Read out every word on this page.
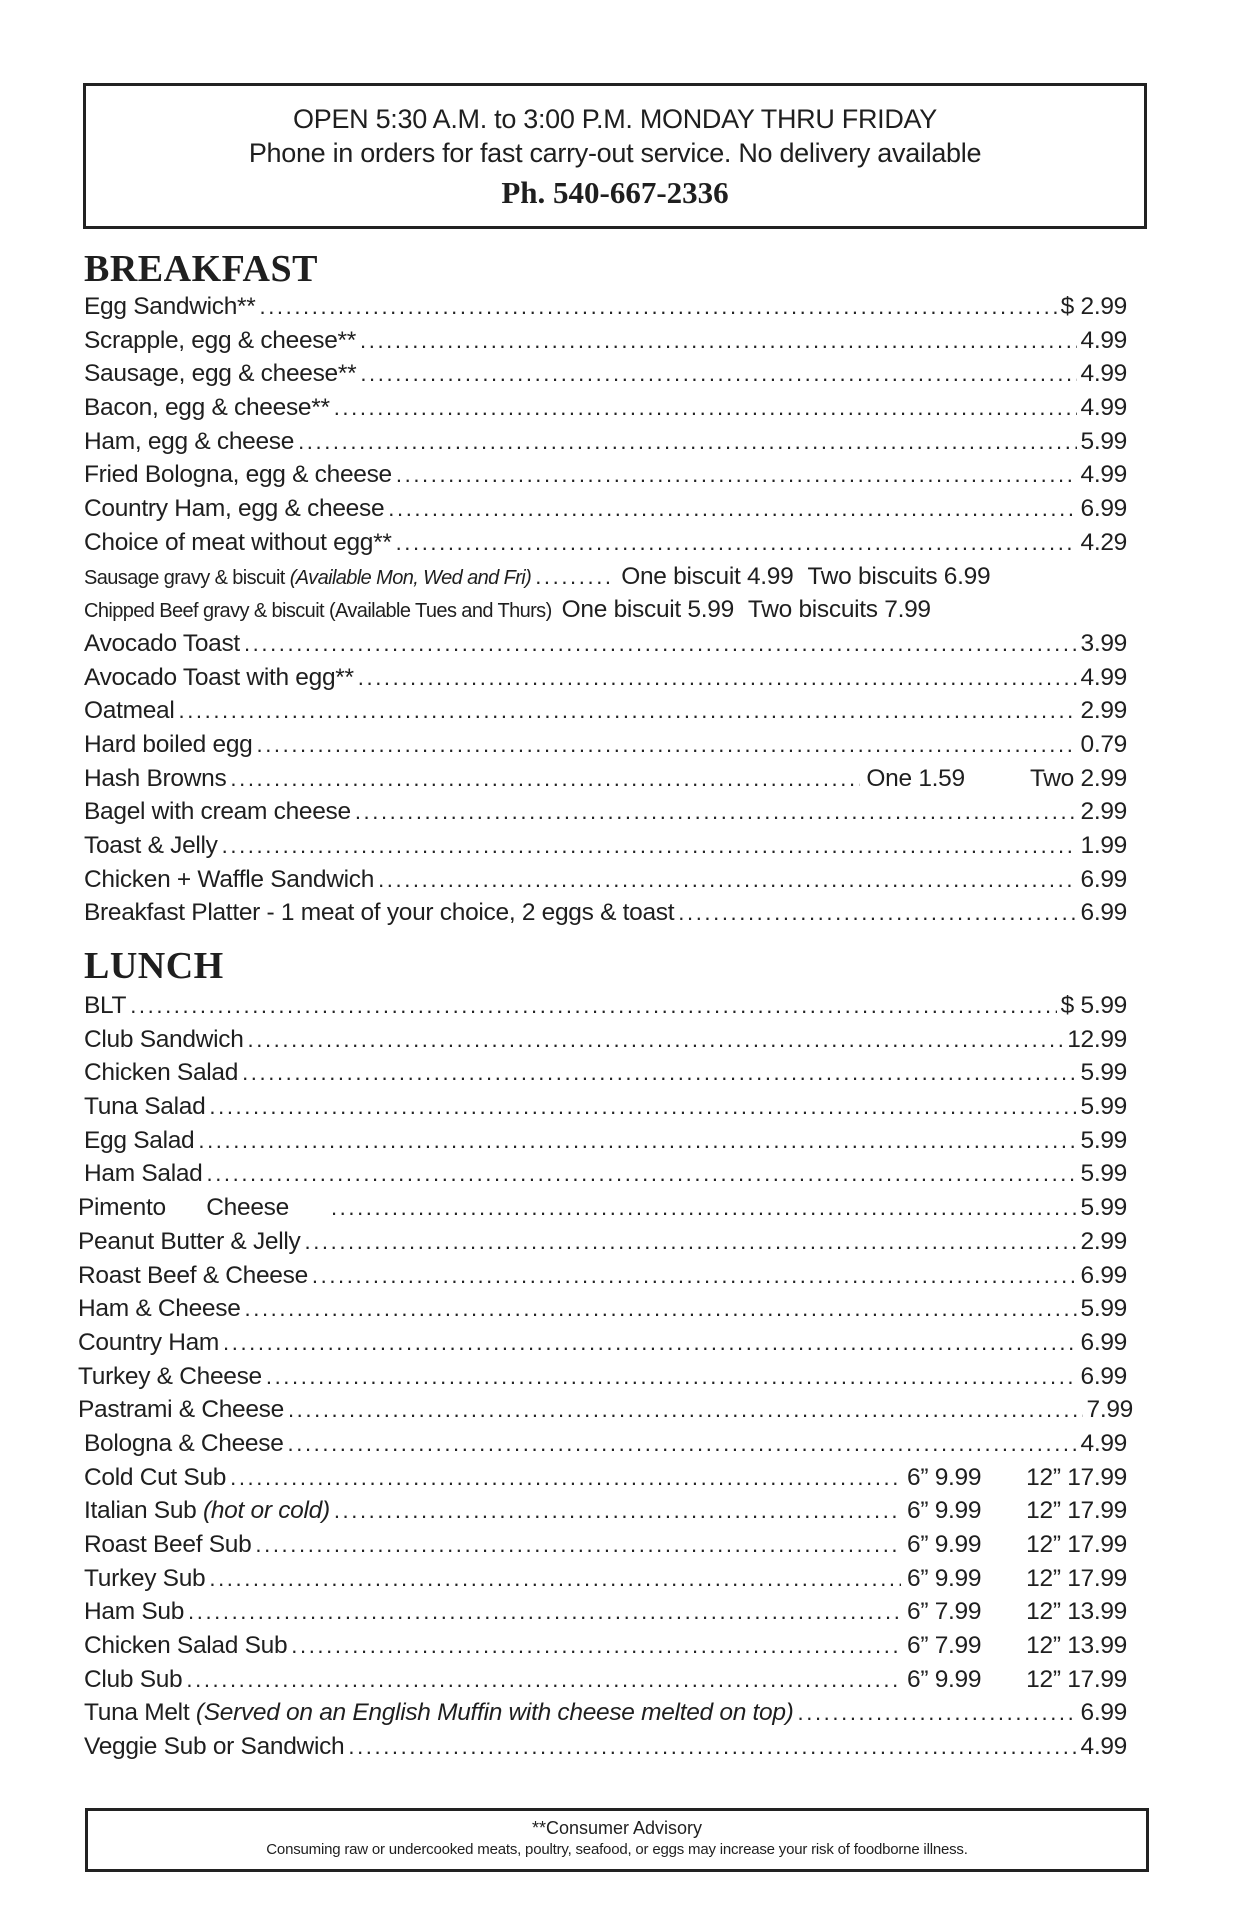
OPEN 5:30 A.M. to 3:00 P.M. MONDAY THRU FRIDAY
Phone in orders for fast carry-out service. No delivery available
Ph. 540-667-2336
BREAKFAST
Egg Sandwich** .....	$ 2.99
Scrapple, egg & cheese** .....	4.99
Sausage, egg & cheese** .....	4.99
Bacon, egg & cheese** .....	4.99
Ham, egg & cheese .....	5.99
Fried Bologna, egg & cheese .....	4.99
Country Ham, egg & cheese .....	6.99
Choice of meat without egg** .....	4.29
Sausage gravy & biscuit (Available Mon, Wed and Fri) .....	One biscuit 4.99 Two biscuits 6.99
Chipped Beef gravy & biscuit (Available Tues and Thurs) One biscuit 5.99 Two biscuits 7.99
Avocado Toast .....	3.99
Avocado Toast with egg** .....	4.99
Oatmeal .....	2.99
Hard boiled egg .....	0.79
Hash Browns .....	One 1.59	Two 2.99
Bagel with cream cheese .....	2.99
Toast & Jelly .....	1.99
Chicken + Waffle Sandwich .....	6.99
Breakfast Platter - 1 meat of your choice, 2 eggs & toast .....	6.99
LUNCH
BLT .....	$ 5.99
Club Sandwich .....	12.99
Chicken Salad .....	5.99
Tuna Salad .....	5.99
Egg Salad .....	5.99
Ham Salad .....	5.99
Pimento Cheese .....	5.99
Peanut Butter & Jelly .....	2.99
Roast Beef & Cheese .....	6.99
Ham & Cheese .....	5.99
Country Ham .....	6.99
Turkey & Cheese .....	6.99
Pastrami & Cheese .....	7.99
Bologna & Cheese .....	4.99
Cold Cut Sub .....	6” 9.99	12” 17.99
Italian Sub (hot or cold) .....	6” 9.99	12” 17.99
Roast Beef Sub .....	6” 9.99	12” 17.99
Turkey Sub .....	6” 9.99	12” 17.99
Ham Sub .....	6” 7.99	12” 13.99
Chicken Salad Sub .....	6” 7.99	12” 13.99
Club Sub .....	6” 9.99	12” 17.99
Tuna Melt (Served on an English Muffin with cheese melted on top) .....	6.99
Veggie Sub or Sandwich .....	4.99
**Consumer Advisory
Consuming raw or undercooked meats, poultry, seafood, or eggs may increase your risk of foodborne illness.
